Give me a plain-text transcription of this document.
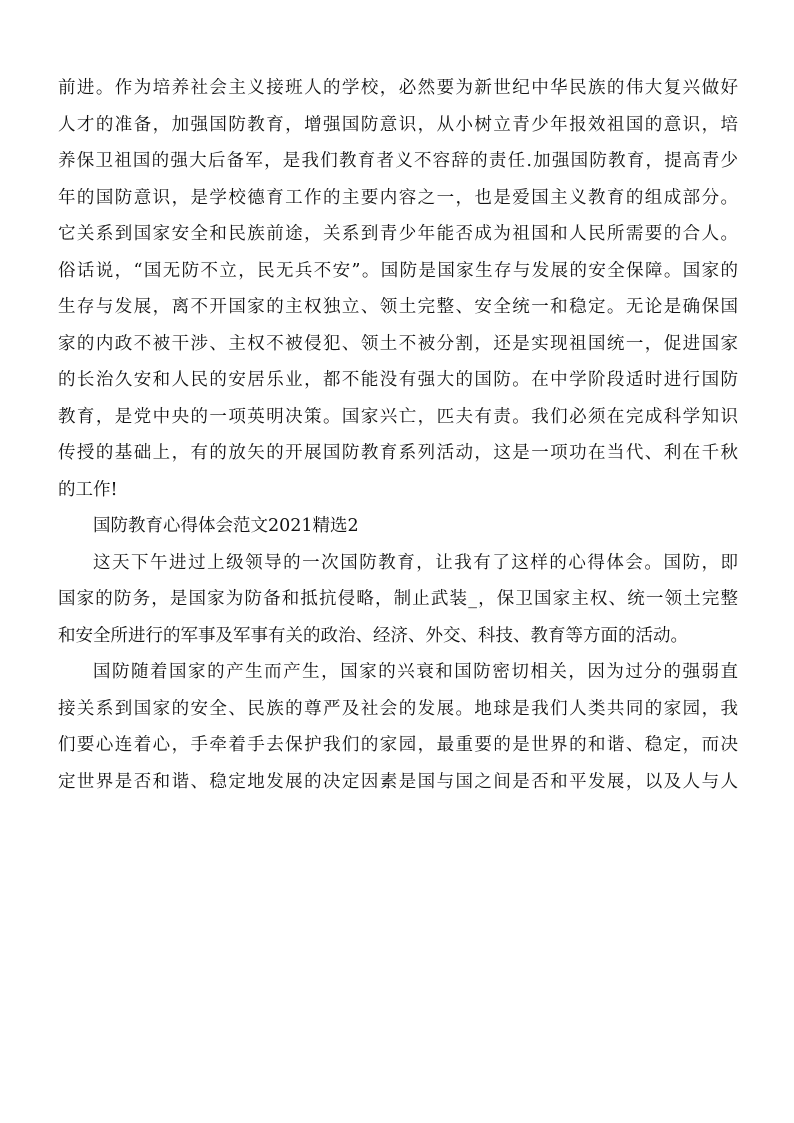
前进。作为培养社会主义接班人的学校，必然要为新世纪中华民族的伟大复兴做好
人才的准备，加强国防教育，增强国防意识，从小树立青少年报效祖国的意识，培
养保卫祖国的强大后备军，是我们教育者义不容辞的责任.加强国防教育，提高青少
年的国防意识，是学校德育工作的主要内容之一，也是爱国主义教育的组成部分。
它关系到国家安全和民族前途，关系到青少年能否成为祖国和人民所需要的合人。
俗话说，“国无防不立，民无兵不安”。国防是国家生存与发展的安全保障。国家的
生存与发展，离不开国家的主权独立、领土完整、安全统一和稳定。无论是确保国
家的内政不被干涉、主权不被侵犯、领土不被分割，还是实现祖国统一，促进国家
的长治久安和人民的安居乐业，都不能没有强大的国防。在中学阶段适时进行国防
教育，是党中央的一项英明决策。国家兴亡，匹夫有责。我们必须在完成科学知识
传授的基础上，有的放矢的开展国防教育系列活动，这是一项功在当代、利在千秋
的工作!
国防教育心得体会范文2021精选2
这天下午进过上级领导的一次国防教育，让我有了这样的心得体会。国防，即
国家的防务，是国家为防备和抵抗侵略，制止武装_，保卫国家主权、统一领土完整
和安全所进行的军事及军事有关的政治、经济、外交、科技、教育等方面的活动。
国防随着国家的产生而产生，国家的兴衰和国防密切相关，因为过分的强弱直
接关系到国家的安全、民族的尊严及社会的发展。地球是我们人类共同的家园，我
们要心连着心，手牵着手去保护我们的家园，最重要的是世界的和谐、稳定，而决
定世界是否和谐、稳定地发展的决定因素是国与国之间是否和平发展，以及人与人
